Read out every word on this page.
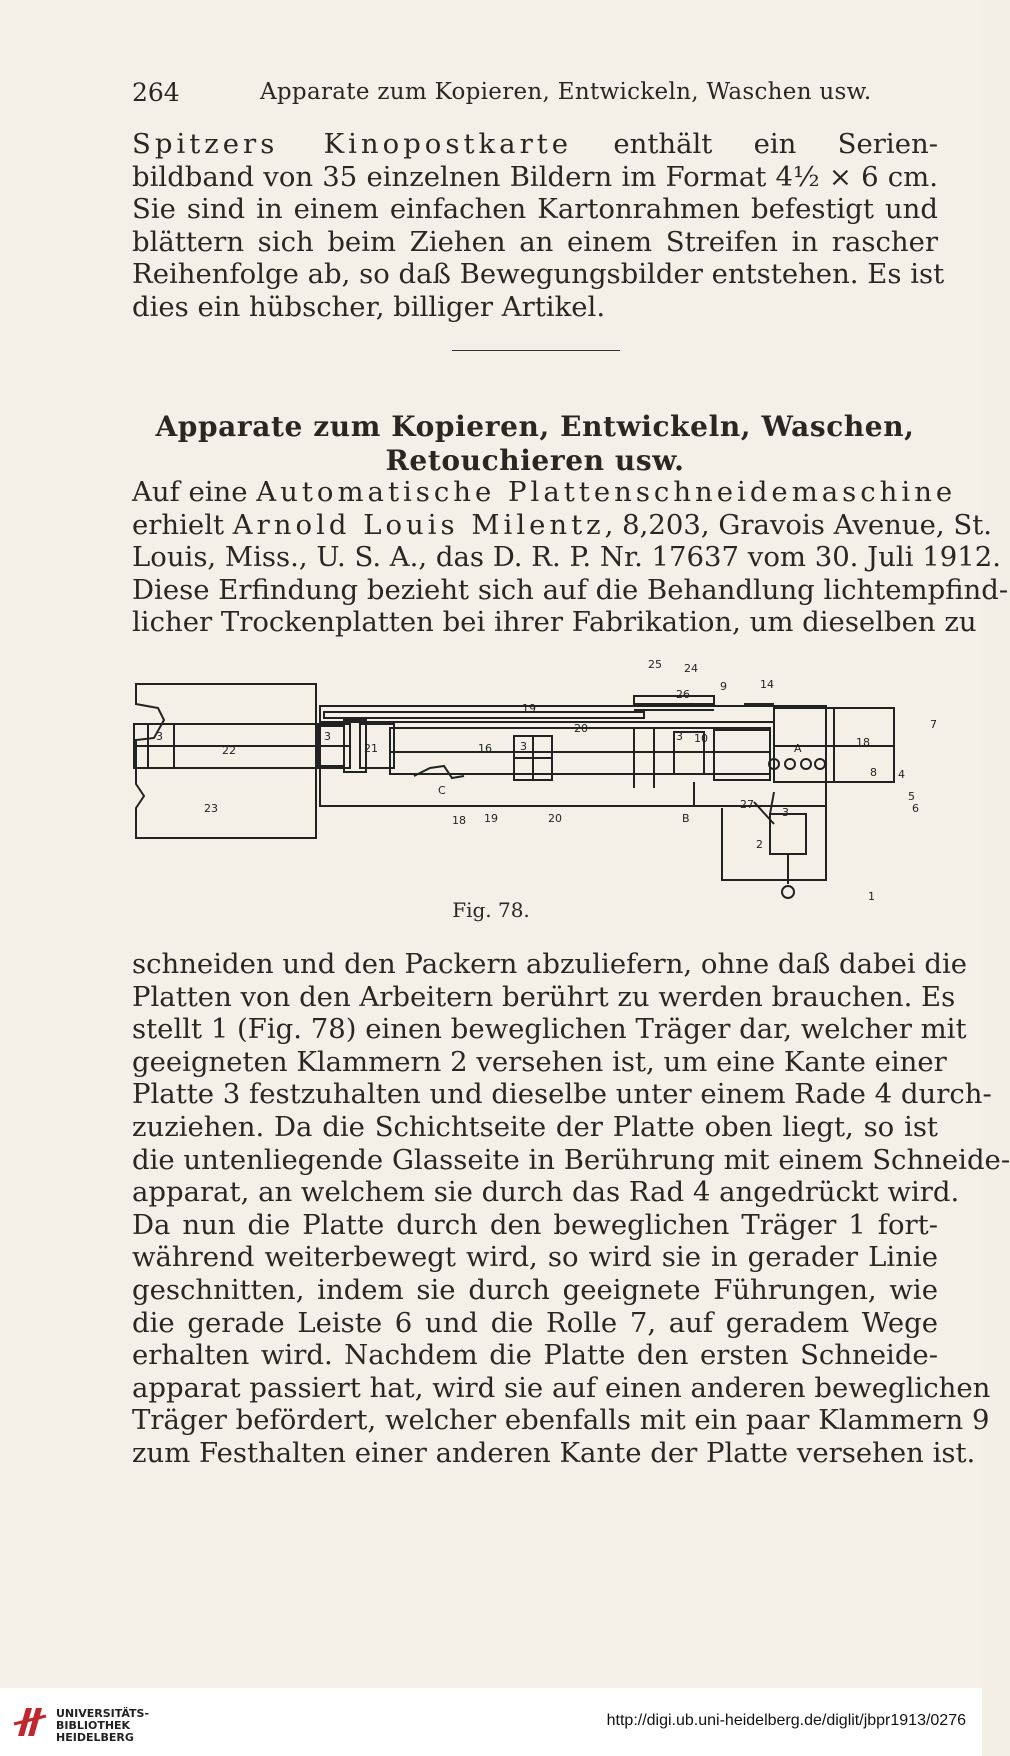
264	Apparate zum Kopieren, Entwickeln, Waschen usw.
Spitzers Kinopostkarte enthält ein Serien-
bildband von 35 einzelnen Bildern im Format 4½ × 6 cm.
Sie sind in einem einfachen Kartonrahmen befestigt und
blättern sich beim Ziehen an einem Streifen in rascher
Reihenfolge ab, so daß Bewegungsbilder entstehen. Es ist
dies ein hübscher, billiger Artikel.
Apparate zum Kopieren, Entwickeln, Waschen,
Retouchieren usw.
Auf eine Automatische Plattenschneidemaschine
erhielt Arnold Louis Milentz, 8,203, Gravois Avenue, St.
Louis, Miss., U. S. A., das D. R. P. Nr. 17637 vom 30. Juli 1912.
Diese Erfindung bezieht sich auf die Behandlung lichtempfind-
licher Trockenplatten bei ihrer Fabrikation, um dieselben zu
25 24
26
9	14
19
20
A
3
22
3
21	16	3
3 10	18
8 4
23
C
18 19	20	B
27
3
5
6
2
1
7
Fig. 78.
schneiden und den Packern abzuliefern, ohne daß dabei die
Platten von den Arbeitern berührt zu werden brauchen. Es
stellt 1 (Fig. 78) einen beweglichen Träger dar, welcher mit
geeigneten Klammern 2 versehen ist, um eine Kante einer
Platte 3 festzuhalten und dieselbe unter einem Rade 4 durch-
zuziehen. Da die Schichtseite der Platte oben liegt, so ist
die untenliegende Glasseite in Berührung mit einem Schneide-
apparat, an welchem sie durch das Rad 4 angedrückt wird.
Da nun die Platte durch den beweglichen Träger 1 fort-
während weiterbewegt wird, so wird sie in gerader Linie
geschnitten, indem sie durch geeignete Führungen, wie
die gerade Leiste 6 und die Rolle 7, auf geradem Wege
erhalten wird. Nachdem die Platte den ersten Schneide-
apparat passiert hat, wird sie auf einen anderen beweglichen
Träger befördert, welcher ebenfalls mit ein paar Klammern 9
zum Festhalten einer anderen Kante der Platte versehen ist.
UNIVERSITÄTS-
BIBLIOTHEK
HEIDELBERG
http://digi.ub.uni-heidelberg.de/diglit/jbpr1913/0276
